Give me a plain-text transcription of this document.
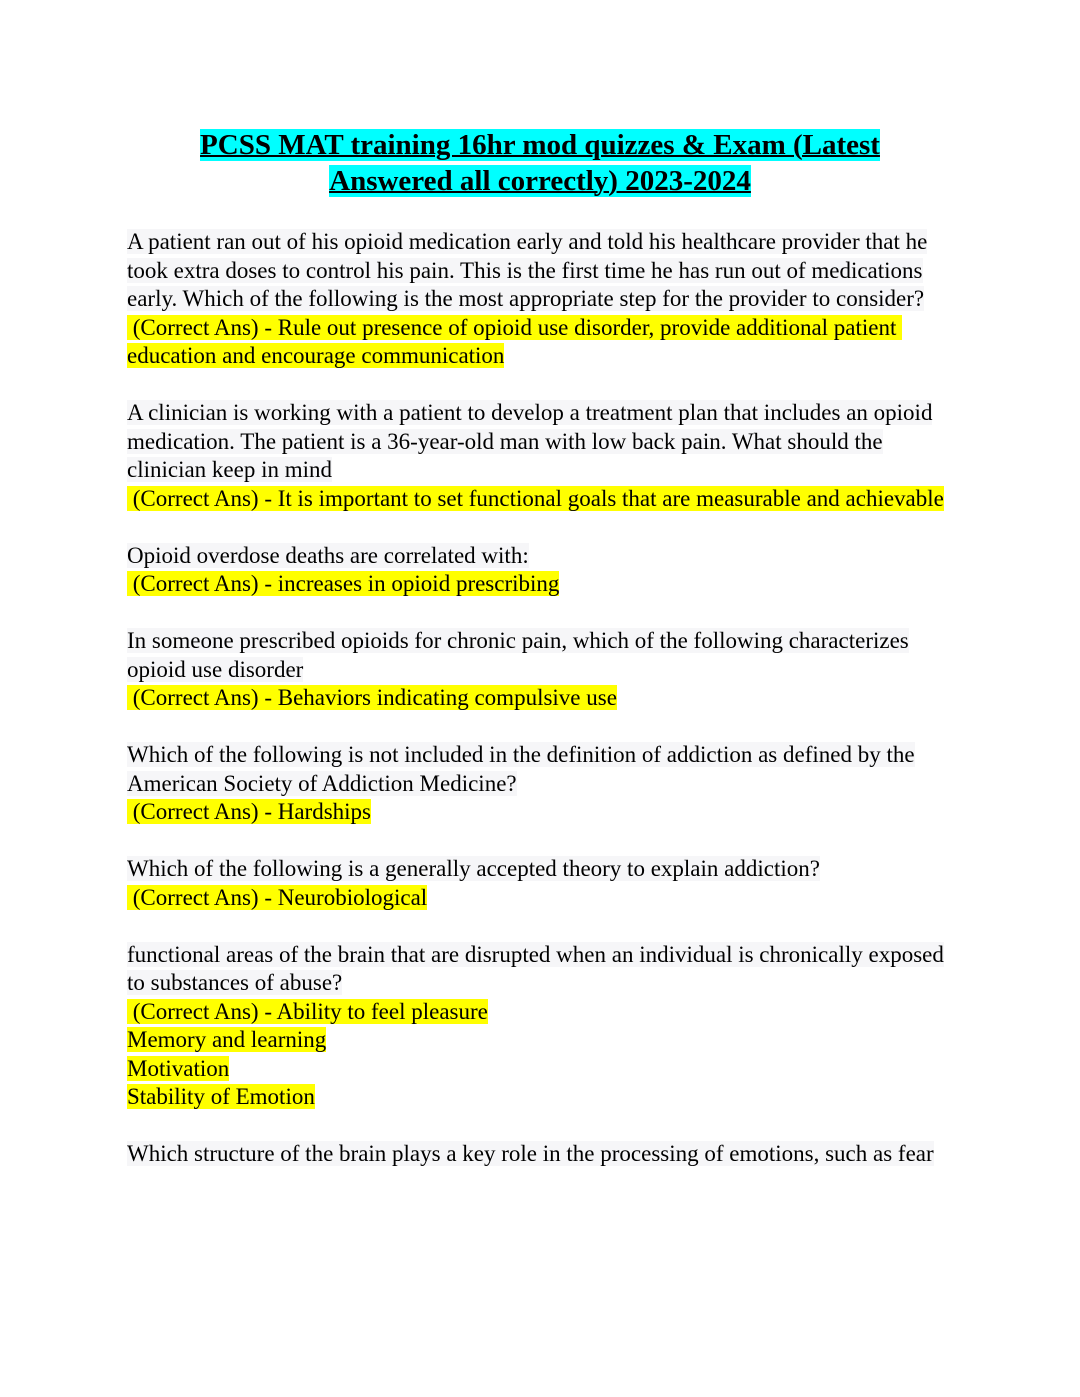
PCSS MAT training 16hr mod quizzes & Exam (Latest
Answered all correctly) 2023-2024
A patient ran out of his opioid medication early and told his healthcare provider that he took extra doses to control his pain. This is the first time he has run out of medications early. Which of the following is the most appropriate step for the provider to consider?
(Correct Ans) - Rule out presence of opioid use disorder, provide additional patient education and encourage communication
A clinician is working with a patient to develop a treatment plan that includes an opioid medication. The patient is a 36-year-old man with low back pain. What should the clinician keep in mind
(Correct Ans) - It is important to set functional goals that are measurable and achievable
Opioid overdose deaths are correlated with:
(Correct Ans) - increases in opioid prescribing
In someone prescribed opioids for chronic pain, which of the following characterizes opioid use disorder
(Correct Ans) - Behaviors indicating compulsive use
Which of the following is not included in the definition of addiction as defined by the American Society of Addiction Medicine?
(Correct Ans) - Hardships
Which of the following is a generally accepted theory to explain addiction?
(Correct Ans) - Neurobiological
functional areas of the brain that are disrupted when an individual is chronically exposed to substances of abuse?
(Correct Ans) - Ability to feel pleasure
Memory and learning
Motivation
Stability of Emotion
Which structure of the brain plays a key role in the processing of emotions, such as fear
